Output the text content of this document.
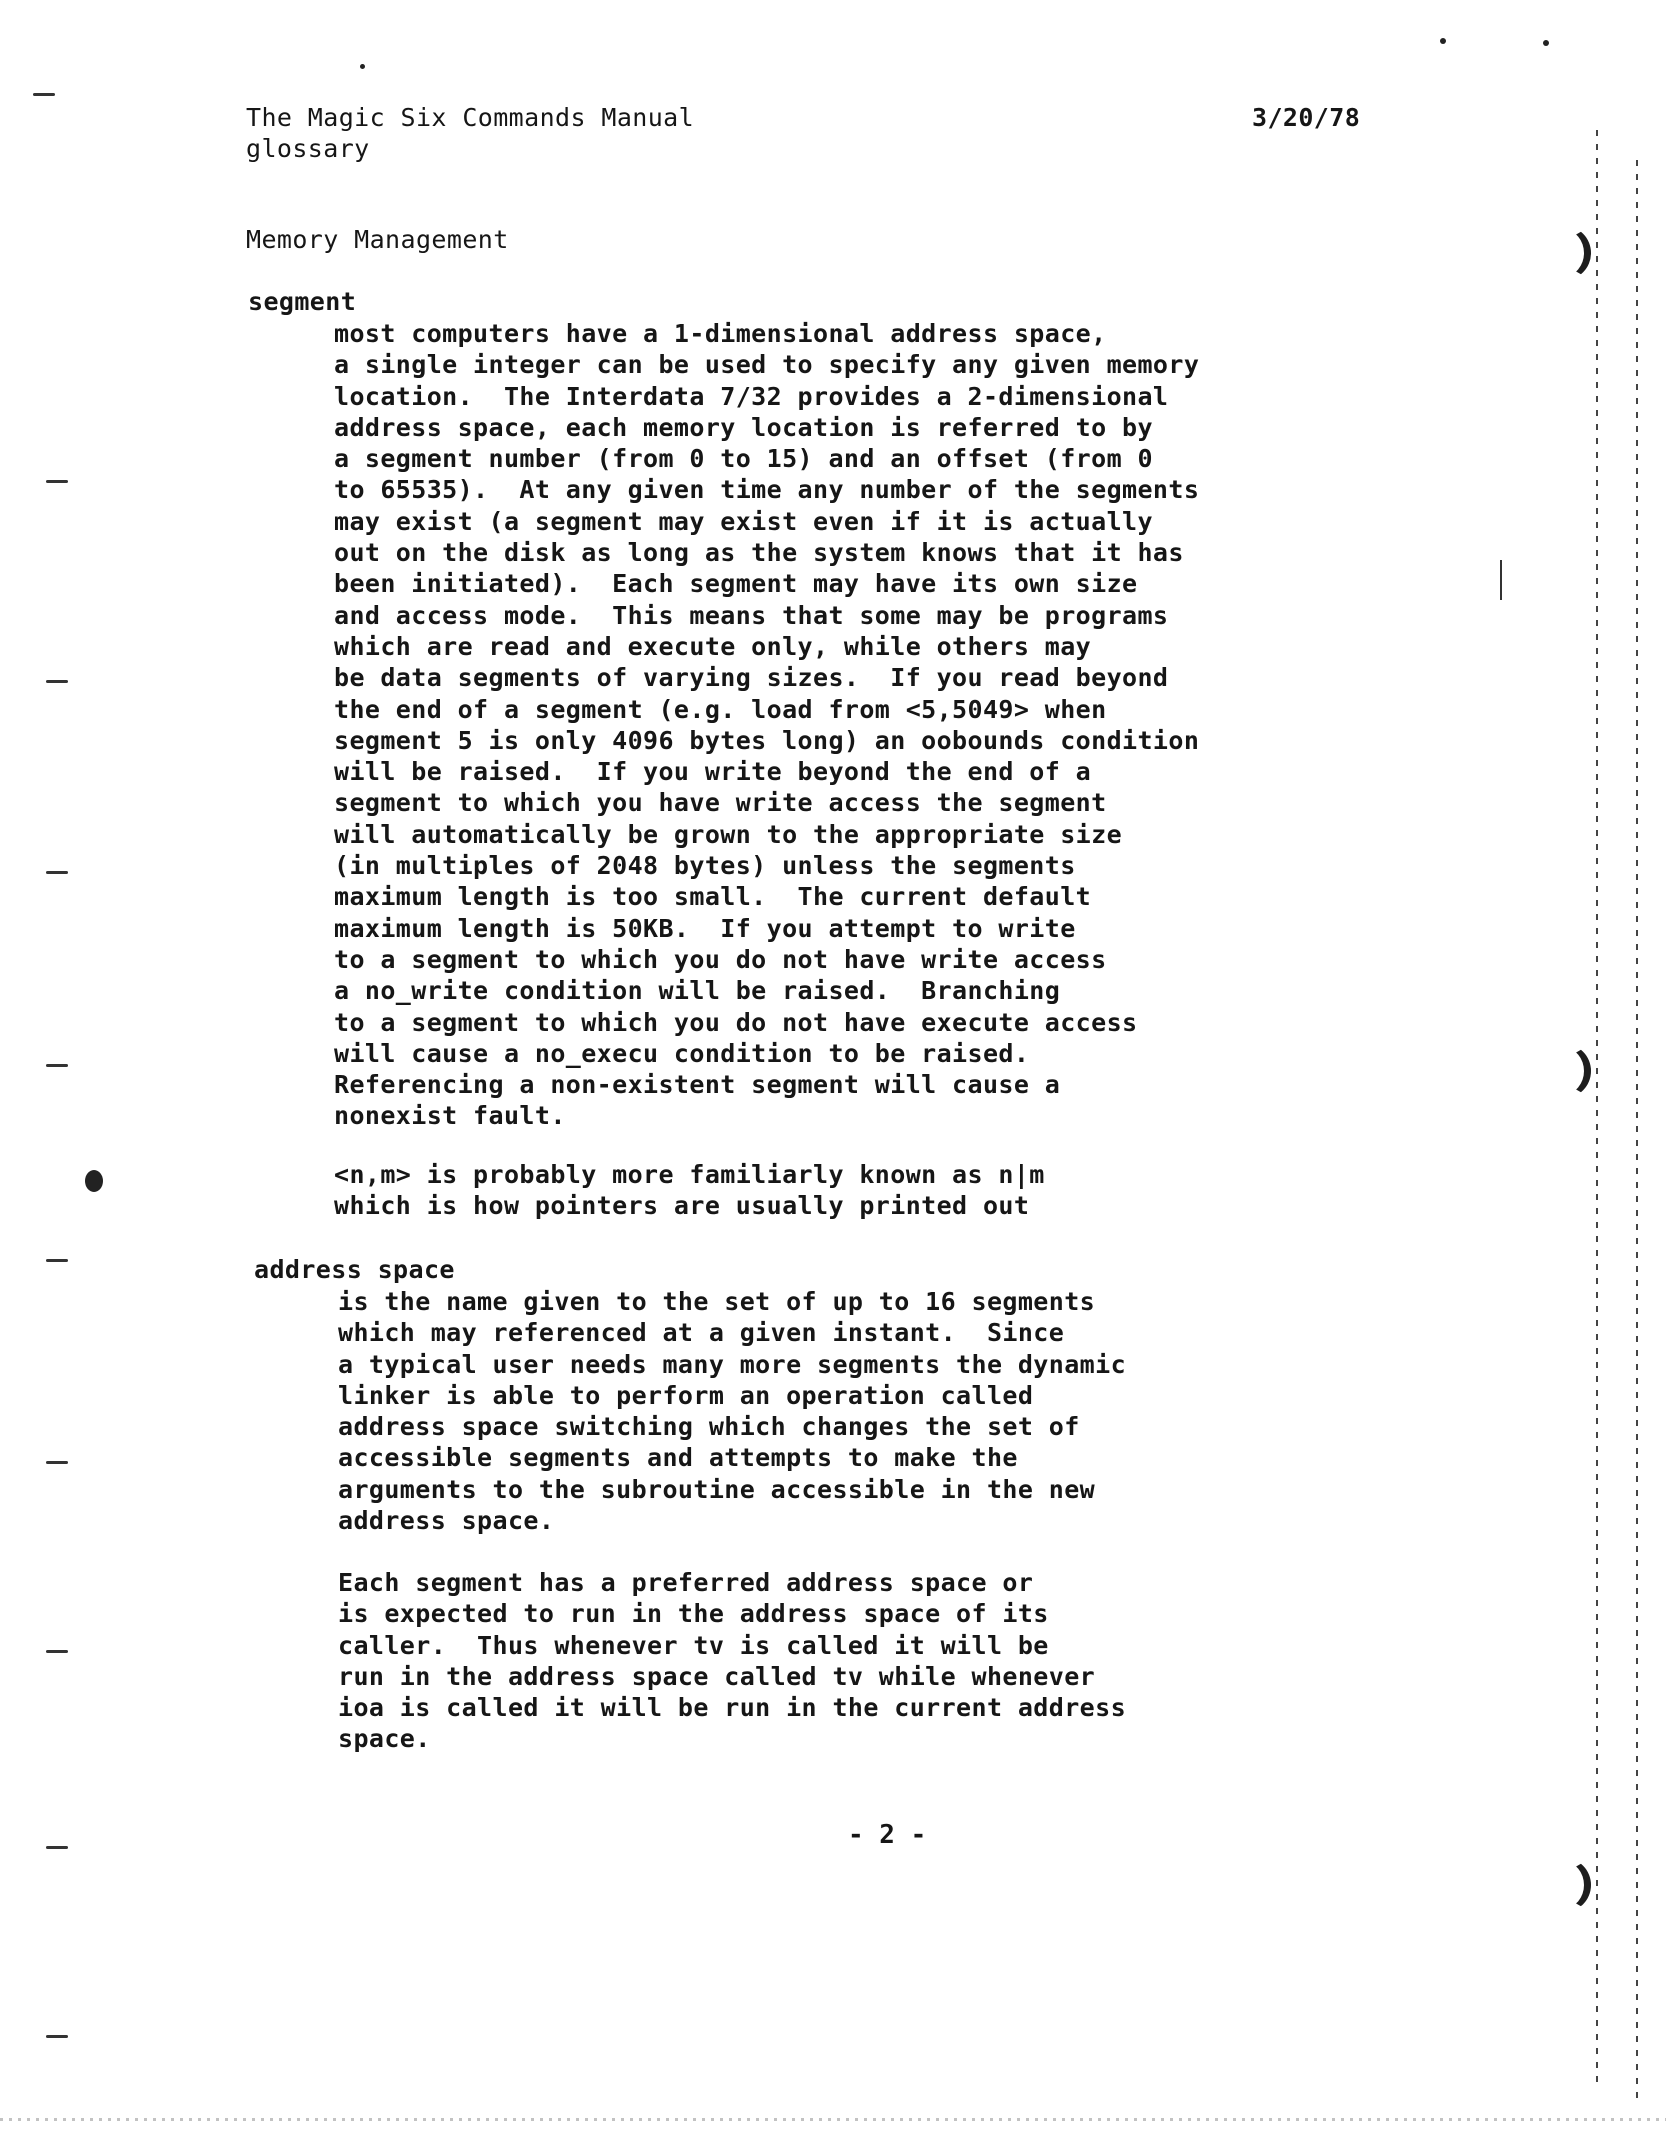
The Magic Six Commands Manual
glossary
3/20/78
Memory Management
segment
most computers have a 1-dimensional address space,
a single integer can be used to specify any given memory
location.  The Interdata 7/32 provides a 2-dimensional
address space, each memory location is referred to by
a segment number (from 0 to 15) and an offset (from 0
to 65535).  At any given time any number of the segments
may exist (a segment may exist even if it is actually
out on the disk as long as the system knows that it has
been initiated).  Each segment may have its own size
and access mode.  This means that some may be programs
which are read and execute only, while others may
be data segments of varying sizes.  If you read beyond
the end of a segment (e.g. load from <5,5049> when
segment 5 is only 4096 bytes long) an oobounds condition
will be raised.  If you write beyond the end of a
segment to which you have write access the segment
will automatically be grown to the appropriate size
(in multiples of 2048 bytes) unless the segments
maximum length is too small.  The current default
maximum length is 50KB.  If you attempt to write
to a segment to which you do not have write access
a no_write condition will be raised.  Branching
to a segment to which you do not have execute access
will cause a no_execu condition to be raised.
Referencing a non-existent segment will cause a
nonexist fault.
<n,m> is probably more familiarly known as n|m
which is how pointers are usually printed out
address space
is the name given to the set of up to 16 segments
which may referenced at a given instant.  Since
a typical user needs many more segments the dynamic
linker is able to perform an operation called
address space switching which changes the set of
accessible segments and attempts to make the
arguments to the subroutine accessible in the new
address space.
Each segment has a preferred address space or
is expected to run in the address space of its
caller.  Thus whenever tv is called it will be
run in the address space called tv while whenever
ioa is called it will be run in the current address
space.
- 2 -
